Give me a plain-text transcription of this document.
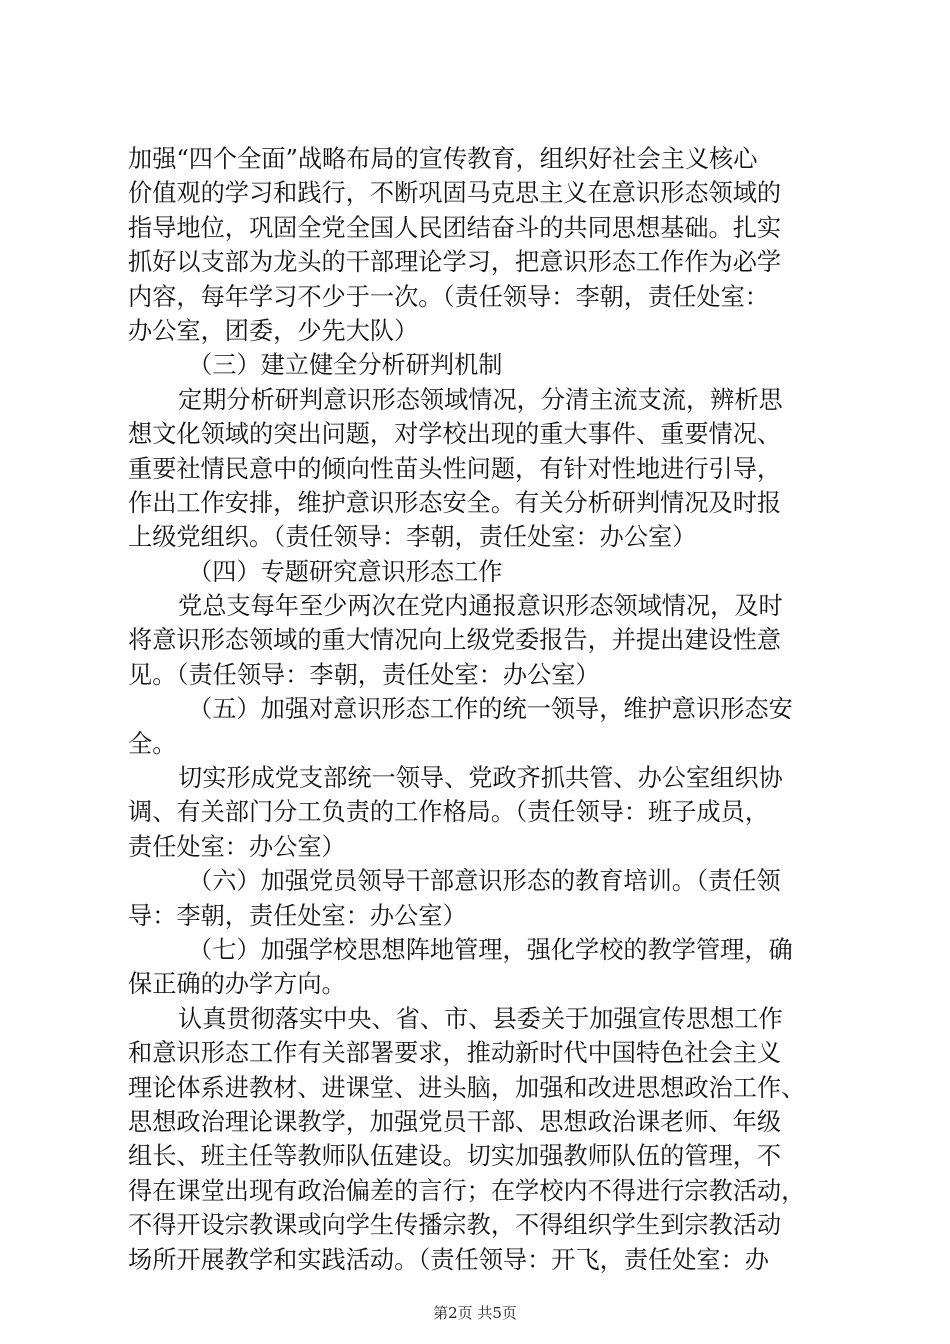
加强“四个全面”战略布局的宣传教育，组织好社会主义核心
价值观的学习和践行，不断巩固马克思主义在意识形态领域的
指导地位，巩固全党全国人民团结奋斗的共同思想基础。扎实
抓好以支部为龙头的干部理论学习，把意识形态工作作为必学
内容，每年学习不少于一次。（责任领导：李朝，责任处室：
办公室，团委，少先大队）
（三）建立健全分析研判机制
定期分析研判意识形态领域情况，分清主流支流，辨析思
想文化领域的突出问题，对学校出现的重大事件、重要情况、
重要社情民意中的倾向性苗头性问题，有针对性地进行引导，
作出工作安排，维护意识形态安全。有关分析研判情况及时报
上级党组织。（责任领导：李朝，责任处室：办公室）
（四）专题研究意识形态工作
党总支每年至少两次在党内通报意识形态领域情况，及时
将意识形态领域的重大情况向上级党委报告，并提出建设性意
见。（责任领导：李朝，责任处室：办公室）
（五）加强对意识形态工作的统一领导，维护意识形态安
全。
切实形成党支部统一领导、党政齐抓共管、办公室组织协
调、有关部门分工负责的工作格局。（责任领导：班子成员，
责任处室：办公室）
（六）加强党员领导干部意识形态的教育培训。（责任领
导：李朝，责任处室：办公室）
（七）加强学校思想阵地管理，强化学校的教学管理，确
保正确的办学方向。
认真贯彻落实中央、省、市、县委关于加强宣传思想工作
和意识形态工作有关部署要求，推动新时代中国特色社会主义
理论体系进教材、进课堂、进头脑，加强和改进思想政治工作、
思想政治理论课教学，加强党员干部、思想政治课老师、年级
组长、班主任等教师队伍建设。切实加强教师队伍的管理，不
得在课堂出现有政治偏差的言行；在学校内不得进行宗教活动，
不得开设宗教课或向学生传播宗教，不得组织学生到宗教活动
场所开展教学和实践活动。（责任领导：开飞，责任处室：办
第2页 共5页
